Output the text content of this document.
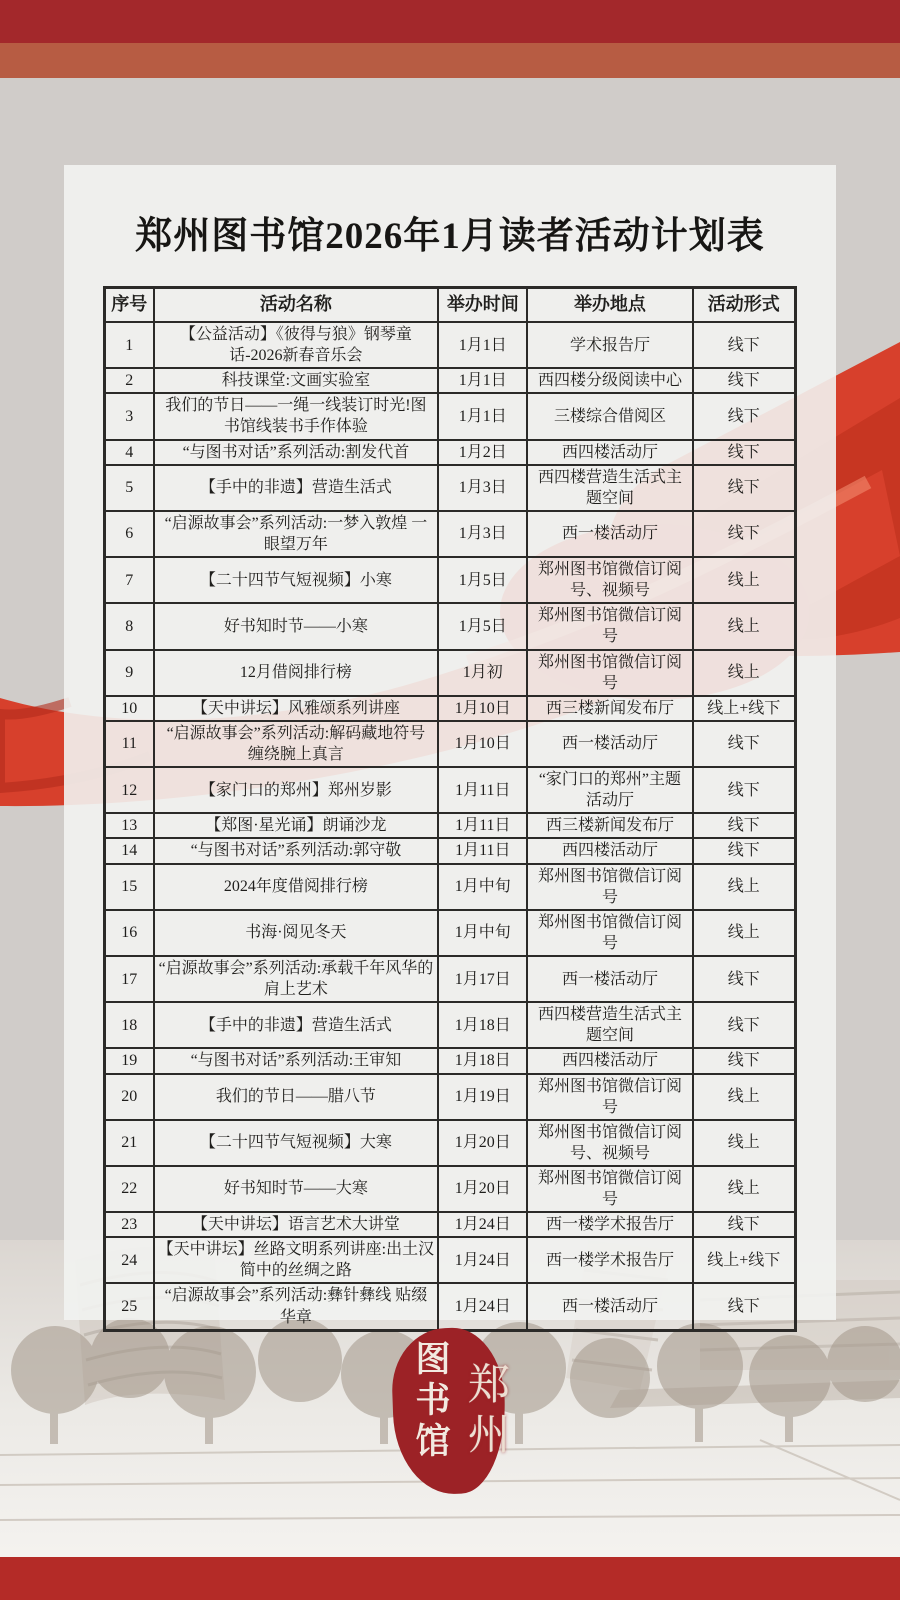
郑州图书馆2026年1月读者活动计划表
序号	活动名称	举办时间	举办地点	活动形式
1	【公益活动】《彼得与狼》钢琴童话-2026新春音乐会	1月1日	学术报告厅	线下
2	科技课堂:文画实验室	1月1日	西四楼分级阅读中心	线下
3	我们的节日——一绳一线装订时光!图书馆线装书手作体验	1月1日	三楼综合借阅区	线下
4	“与图书对话”系列活动:割发代首	1月2日	西四楼活动厅	线下
5	【手中的非遗】营造生活式	1月3日	西四楼营造生活式主题空间	线下
6	“启源故事会”系列活动:一梦入敦煌 一眼望万年	1月3日	西一楼活动厅	线下
7	【二十四节气短视频】小寒	1月5日	郑州图书馆微信订阅号、视频号	线上
8	好书知时节——小寒	1月5日	郑州图书馆微信订阅号	线上
9	12月借阅排行榜	1月初	郑州图书馆微信订阅号	线上
10	【天中讲坛】风雅颂系列讲座	1月10日	西三楼新闻发布厅	线上+线下
11	“启源故事会”系列活动:解码藏地符号 缠绕腕上真言	1月10日	西一楼活动厅	线下
12	【家门口的郑州】郑州岁影	1月11日	“家门口的郑州”主题活动厅	线下
13	【郑图·星光诵】朗诵沙龙	1月11日	西三楼新闻发布厅	线下
14	“与图书对话”系列活动:郭守敬	1月11日	西四楼活动厅	线下
15	2024年度借阅排行榜	1月中旬	郑州图书馆微信订阅号	线上
16	书海·阅见冬天	1月中旬	郑州图书馆微信订阅号	线上
17	“启源故事会”系列活动:承载千年风华的肩上艺术	1月17日	西一楼活动厅	线下
18	【手中的非遗】营造生活式	1月18日	西四楼营造生活式主题空间	线下
19	“与图书对话”系列活动:王审知	1月18日	西四楼活动厅	线下
20	我们的节日——腊八节	1月19日	郑州图书馆微信订阅号	线上
21	【二十四节气短视频】大寒	1月20日	郑州图书馆微信订阅号、视频号	线上
22	好书知时节——大寒	1月20日	郑州图书馆微信订阅号	线上
23	【天中讲坛】语言艺术大讲堂	1月24日	西一楼学术报告厅	线下
24	【天中讲坛】丝路文明系列讲座:出土汉简中的丝绸之路	1月24日	西一楼学术报告厅	线上+线下
25	“启源故事会”系列活动:彝针彝线 贴缀华章	1月24日	西一楼活动厅	线下
图书馆 郑州
